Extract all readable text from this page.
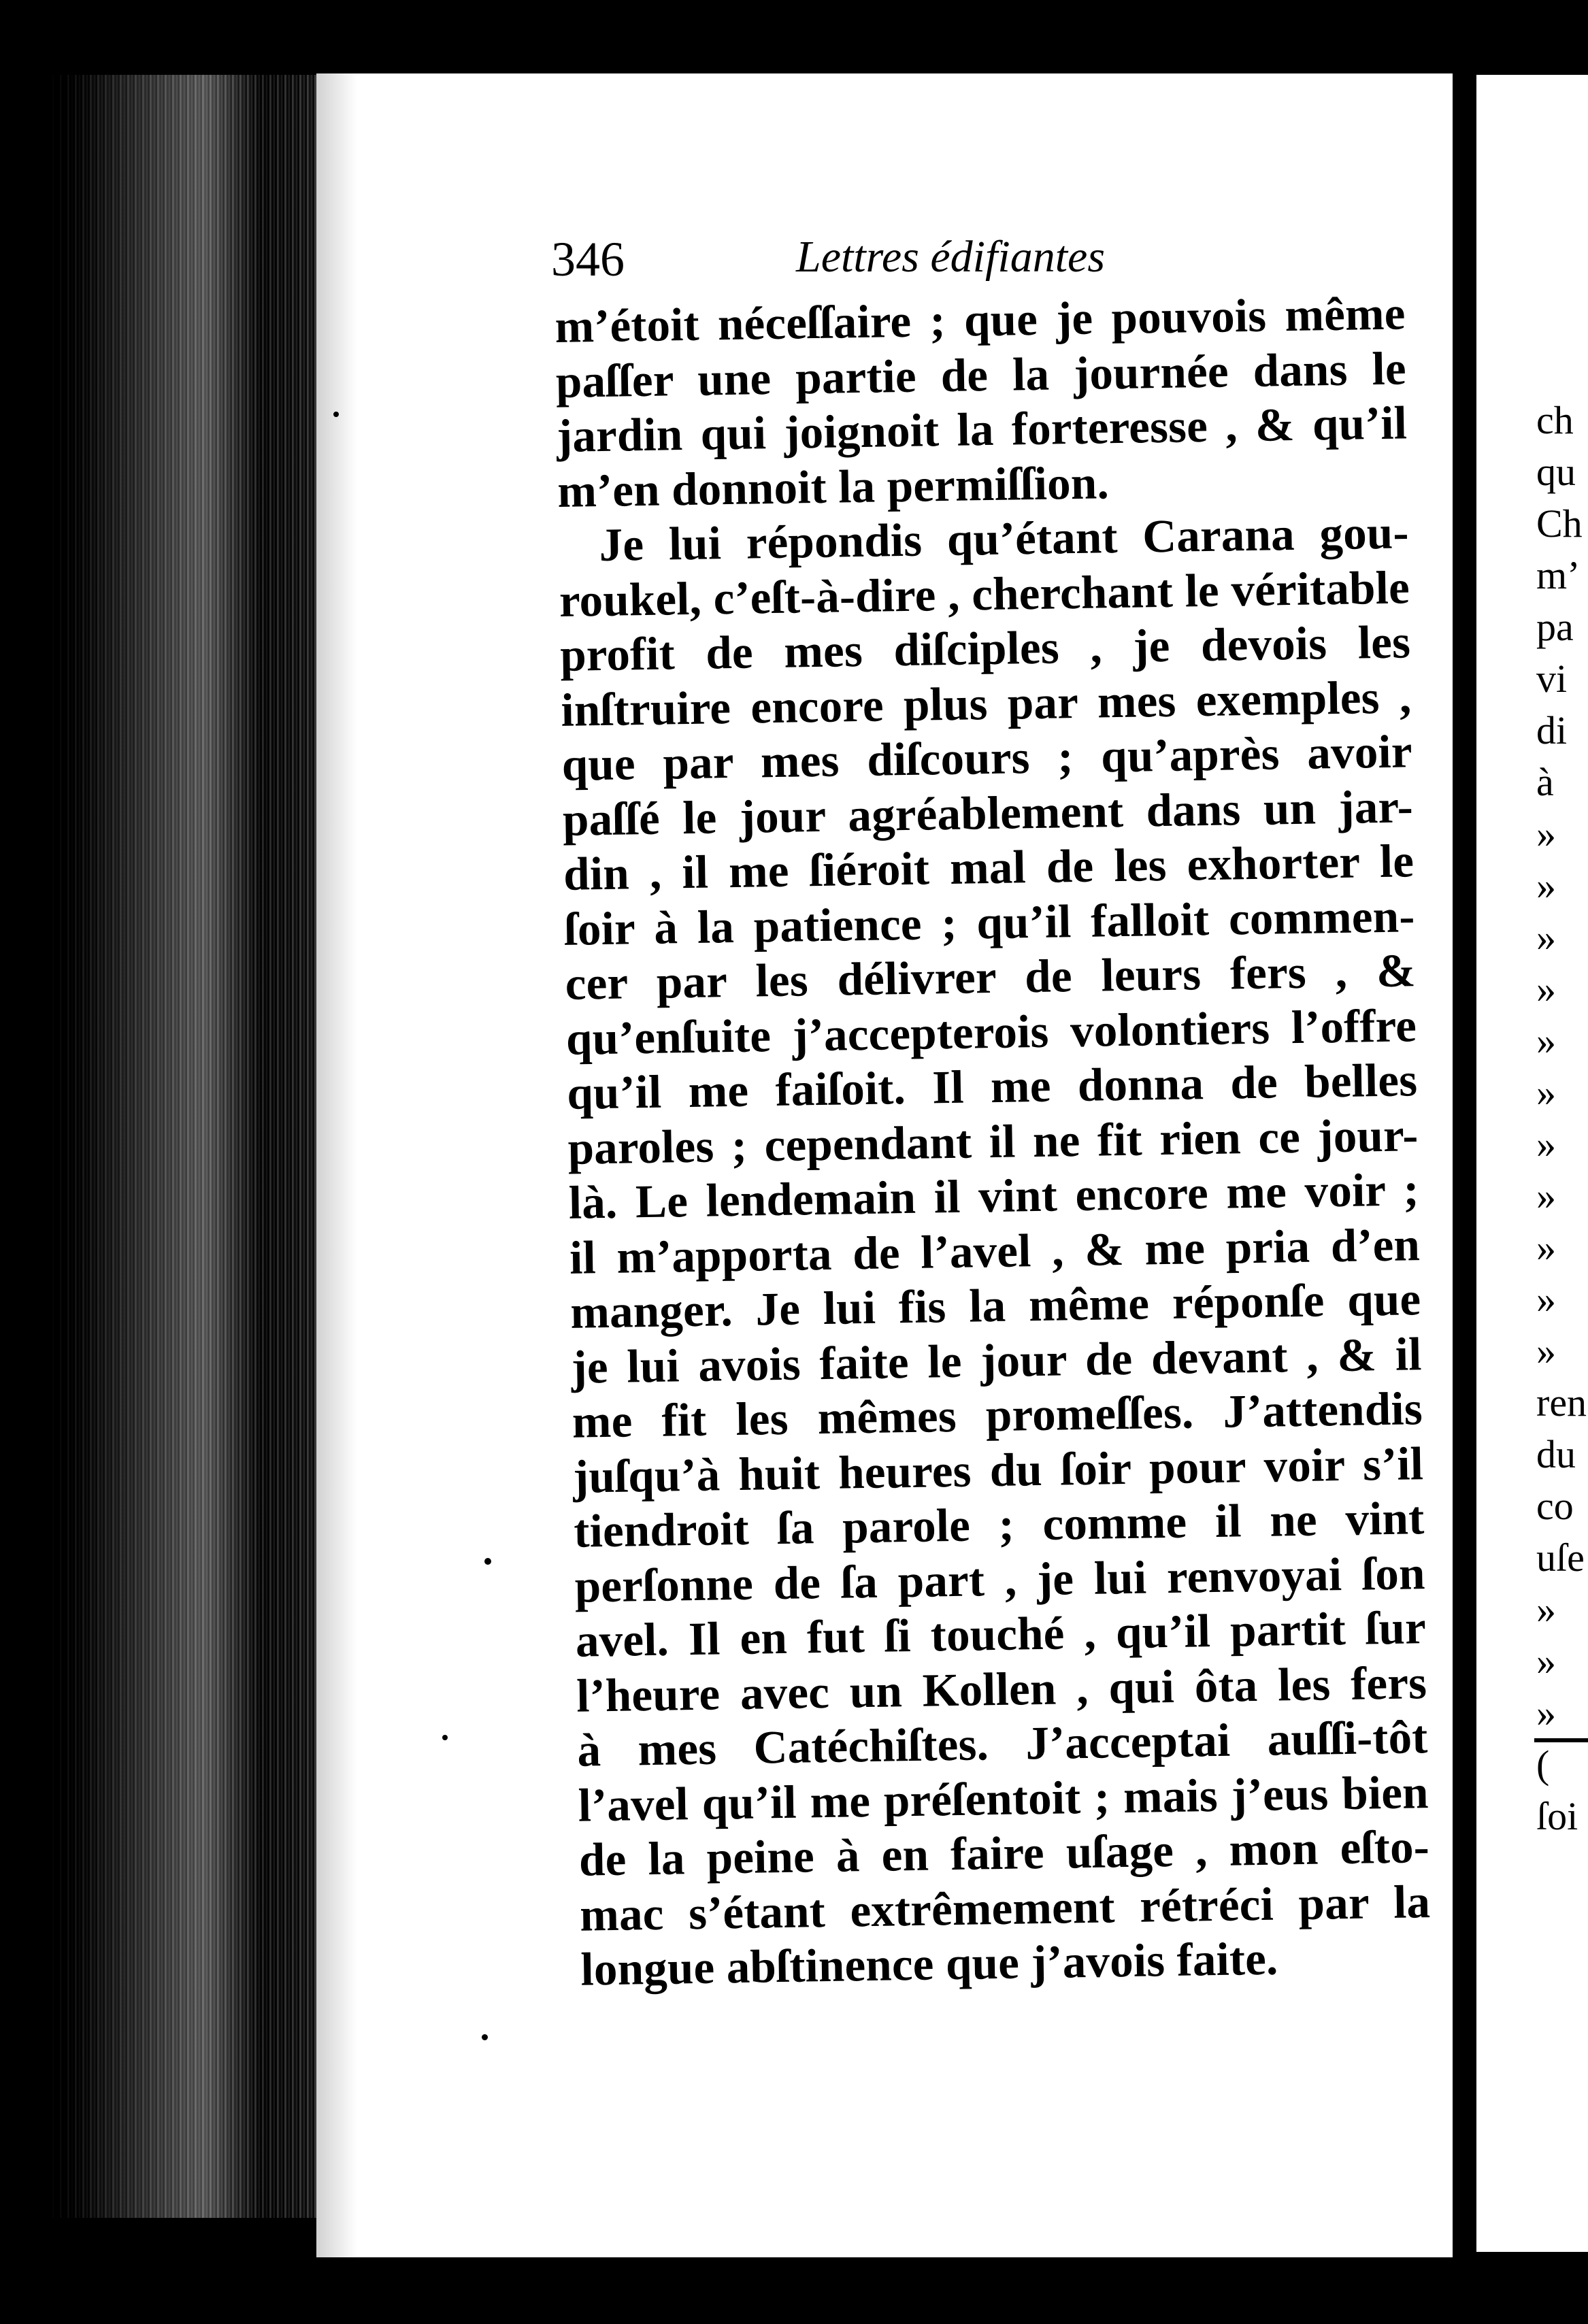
ch
qu
Ch
m’
pa
vi
di
à
»
»
»
»
»
»
»
»
»
»
»
ren
du
co
uſe
»
»
»
(
ſoi
346	Lettres édifiantes
m’étoit néceſſaire ; que je pouvois même
paſſer une partie de la journée dans le
jardin qui joignoit la forteresse , & qu’il
m’en donnoit la permiſſion.
Je lui répondis qu’étant Carana gou-
roukel, c’eſt-à-dire , cherchant le véritable
profit de mes diſciples , je devois les
inſtruire encore plus par mes exemples ,
que par mes diſcours ; qu’après avoir
paſſé le jour agréablement dans un jar-
din , il me ſiéroit mal de les exhorter le
ſoir à la patience ; qu’il falloit commen-
cer par les délivrer de leurs fers , &
qu’enſuite j’accepterois volontiers l’offre
qu’il me faiſoit. Il me donna de belles
paroles ; cependant il ne fit rien ce jour-
là. Le lendemain il vint encore me voir ;
il m’apporta de l’avel , & me pria d’en
manger. Je lui fis la même réponſe que
je lui avois faite le jour de devant , & il
me fit les mêmes promeſſes. J’attendis
juſqu’à huit heures du ſoir pour voir s’il
tiendroit ſa parole ; comme il ne vint
perſonne de ſa part , je lui renvoyai ſon
avel. Il en fut ſi touché , qu’il partit ſur
l’heure avec un Kollen , qui ôta les fers
à mes Catéchiſtes. J’acceptai auſſi-tôt
l’avel qu’il me préſentoit ; mais j’eus bien
de la peine à en faire uſage , mon eſto-
mac s’étant extrêmement rétréci par la
longue abſtinence que j’avois faite.
